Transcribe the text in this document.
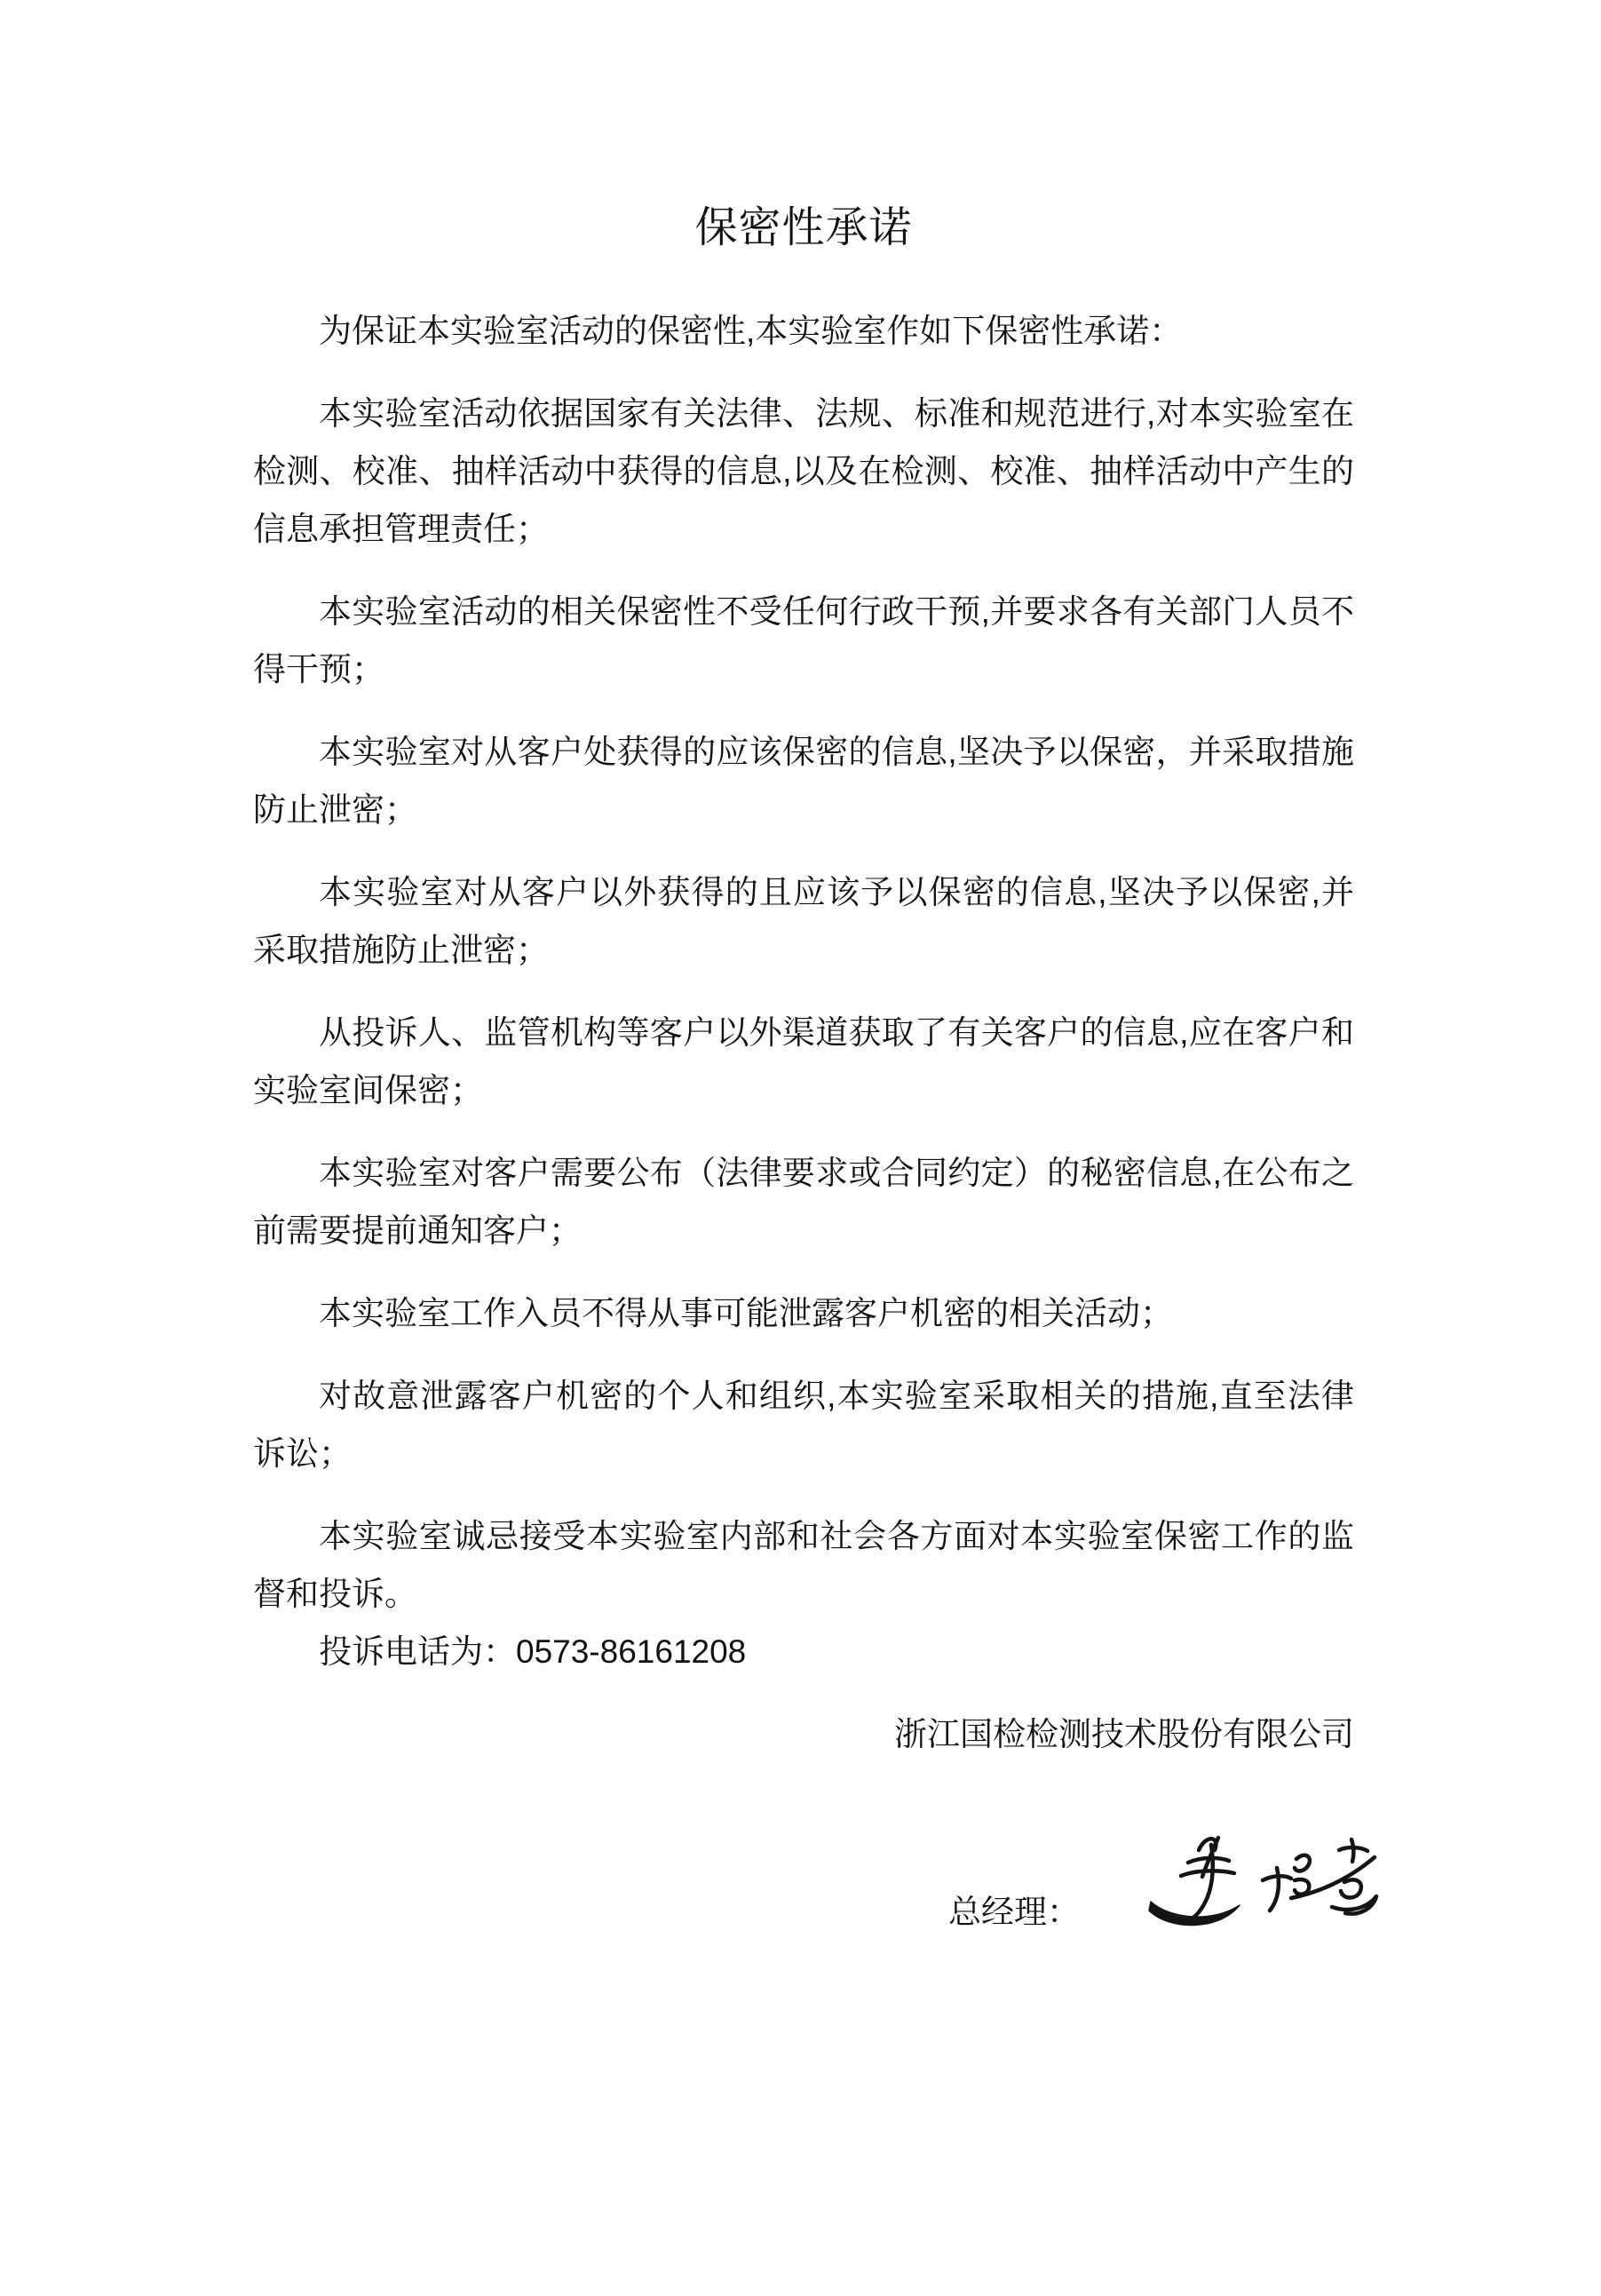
保密性承诺

为保证本实验室活动的保密性,本实验室作如下保密性承诺：

本实验室活动依据国家有关法律、法规、标准和规范进行,对本实验室在检测、校准、抽样活动中获得的信息,以及在检测、校准、抽样活动中产生的信息承担管理责任；

本实验室活动的相关保密性不受任何行政干预,并要求各有关部门人员不得干预；

本实验室对从客户处获得的应该保密的信息,坚决予以保密，并采取措施防止泄密；

本实验室对从客户以外获得的且应该予以保密的信息,坚决予以保密,并采取措施防止泄密；

从投诉人、监管机构等客户以外渠道获取了有关客户的信息,应在客户和实验室间保密；

本实验室对客户需要公布（法律要求或合同约定）的秘密信息,在公布之前需要提前通知客户；

本实验室工作入员不得从事可能泄露客户机密的相关活动；

对故意泄露客户机密的个人和组织,本实验室采取相关的措施,直至法律诉讼；

本实验室诚忌接受本实验室内部和社会各方面对本实验室保密工作的监督和投诉。

投诉电话为：0573-86161208

浙江国检检测技术股份有限公司

总经理：
